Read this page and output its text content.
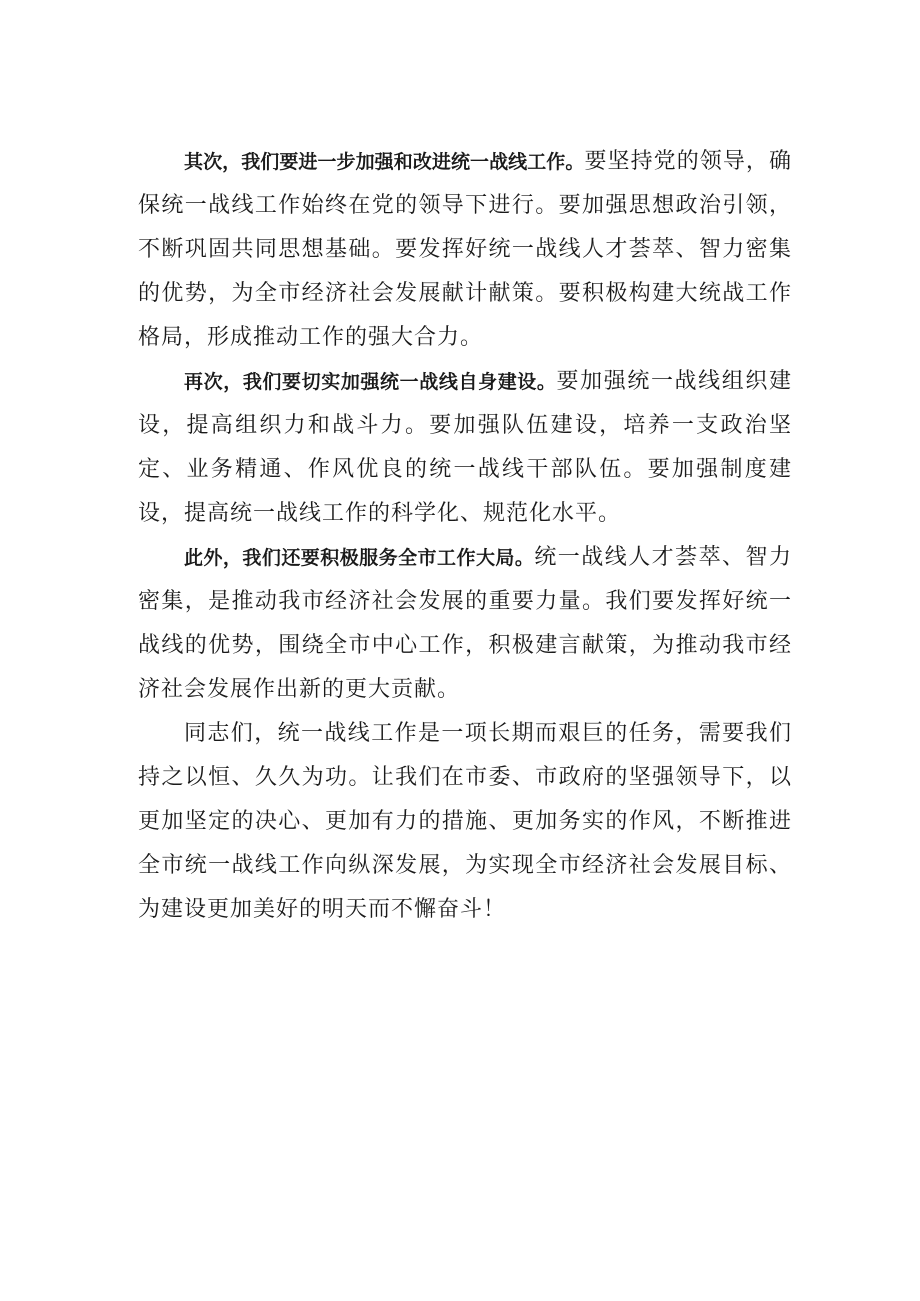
其次，我们要进一步加强和改进统一战线工作。要坚持党的领导，确保统一战线工作始终在党的领导下进行。要加强思想政治引领，不断巩固共同思想基础。要发挥好统一战线人才荟萃、智力密集的优势，为全市经济社会发展献计献策。要积极构建大统战工作格局，形成推动工作的强大合力。

再次，我们要切实加强统一战线自身建设。要加强统一战线组织建设，提高组织力和战斗力。要加强队伍建设，培养一支政治坚定、业务精通、作风优良的统一战线干部队伍。要加强制度建设，提高统一战线工作的科学化、规范化水平。

此外，我们还要积极服务全市工作大局。统一战线人才荟萃、智力密集，是推动我市经济社会发展的重要力量。我们要发挥好统一战线的优势，围绕全市中心工作，积极建言献策，为推动我市经济社会发展作出新的更大贡献。

同志们，统一战线工作是一项长期而艰巨的任务，需要我们持之以恒、久久为功。让我们在市委、市政府的坚强领导下，以更加坚定的决心、更加有力的措施、更加务实的作风，不断推进全市统一战线工作向纵深发展，为实现全市经济社会发展目标、为建设更加美好的明天而不懈奋斗！
